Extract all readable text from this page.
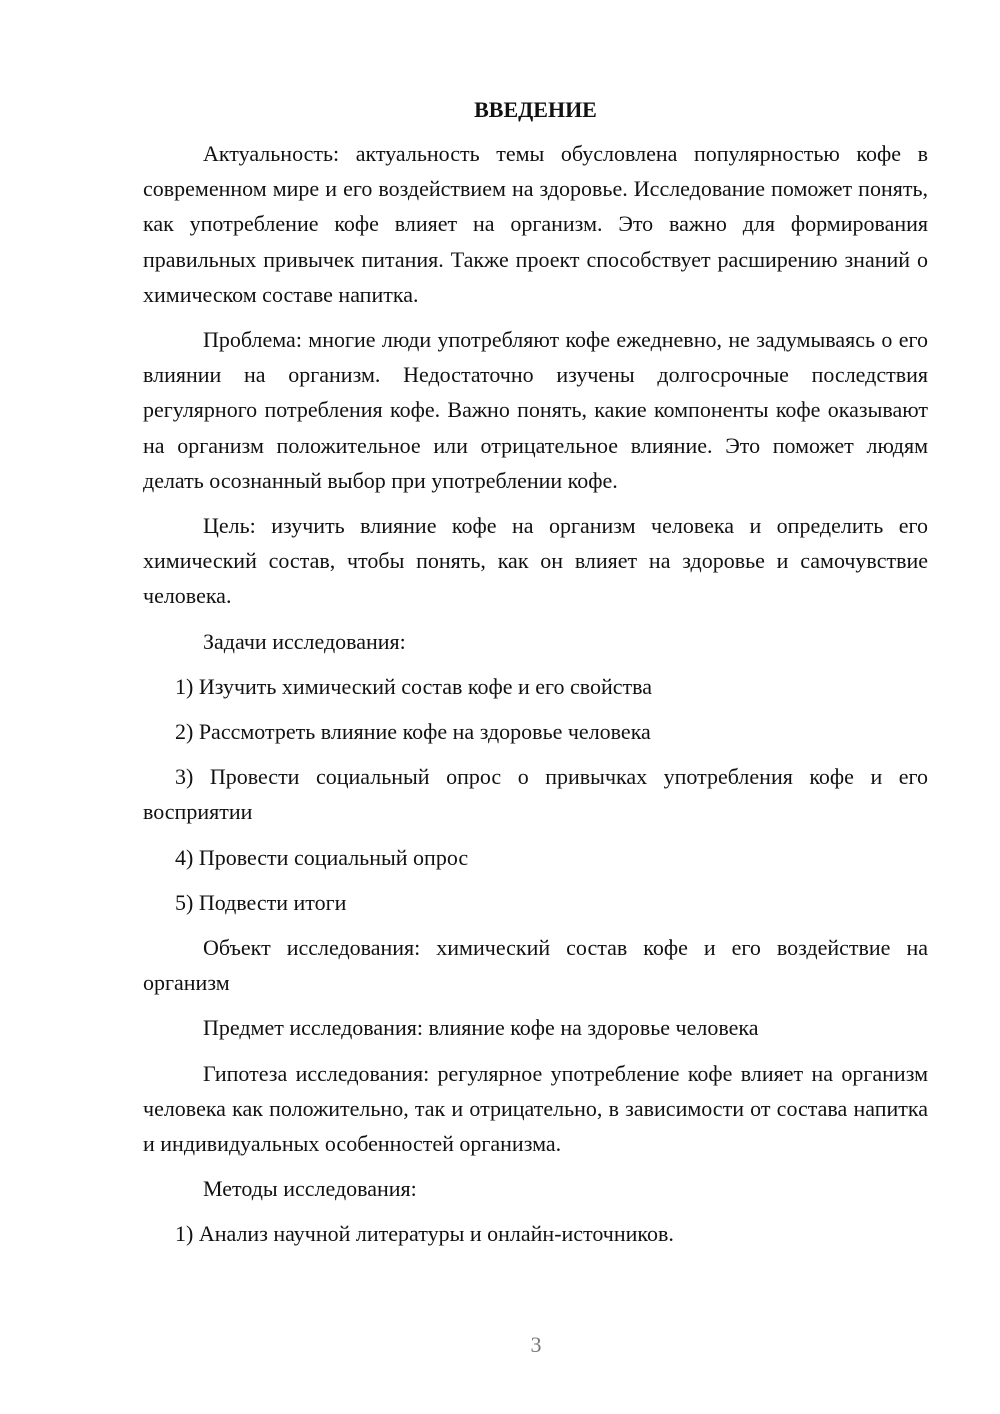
ВВЕДЕНИЕ

Актуальность: актуальность темы обусловлена популярностью кофе в современном мире и его воздействием на здоровье. Исследование поможет понять, как употребление кофе влияет на организм. Это важно для формирования правильных привычек питания. Также проект способствует расширению знаний о химическом составе напитка.

Проблема: многие люди употребляют кофе ежедневно, не задумываясь о его влиянии на организм. Недостаточно изучены долгосрочные последствия регулярного потребления кофе. Важно понять, какие компоненты кофе оказывают на организм положительное или отрицательное влияние. Это поможет людям делать осознанный выбор при употреблении кофе.

Цель: изучить влияние кофе на организм человека и определить его химический состав, чтобы понять, как он влияет на здоровье и самочувствие человека.

Задачи исследования:

1) Изучить химический состав кофе и его свойства

2) Рассмотреть влияние кофе на здоровье человека

3) Провести социальный опрос о привычках употребления кофе и его восприятии

4) Провести социальный опрос

5) Подвести итоги

Объект исследования: химический состав кофе и его воздействие на организм

Предмет исследования: влияние кофе на здоровье человека

Гипотеза исследования: регулярное употребление кофе влияет на организм человека как положительно, так и отрицательно, в зависимости от состава напитка и индивидуальных особенностей организма.

Методы исследования:

1) Анализ научной литературы и онлайн-источников.

3
